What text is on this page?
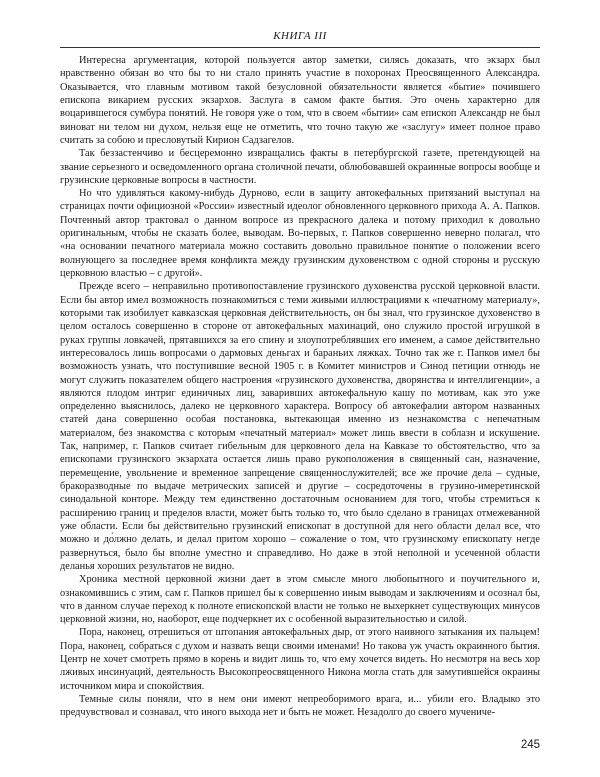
КНИГА III

Интересна аргументация, которой пользуется автор заметки, силясь доказать, что экзарх был нравственно обязан во что бы то ни стало принять участие в похоронах Преосвященного Александра. Оказывается, что главным мотивом такой безусловной обязательности является «бытие» почившего епископа викарием русских экзархов. Заслуга в самом факте бытия. Это очень характерно для воцарившегося сумбура понятий. Не говоря уже о том, что в своем «бытии» сам епископ Александр не был виноват ни телом ни духом, нельзя еще не отметить, что точно такую же «заслугу» имеет полное право считать за собою и пресловутый Кирион Садзагелов.

Так беззастенчиво и бесцеремонно извращались факты в петербургской газете, претендующей на звание серьезного и осведомленного органа столичной печати, облюбовавшей окраинные вопросы вообще и грузинские церковные вопросы в частности.

Но что удивляться какому-нибудь Дурново, если в защиту автокефальных притязаний выступал на страницах почти официозной «России» известный идеолог обновленного церковного прихода А. А. Папков. Почтенный автор трактовал о данном вопросе из прекрасного далека и потому приходил к довольно оригинальным, чтобы не сказать более, выводам. Во-первых, г. Папков совершенно неверно полагал, что «на основании печатного материала можно составить довольно правильное понятие о положении всего волнующего за последнее время конфликта между грузинским духовенством с одной стороны и русскую церковною властью – с другой».

Прежде всего – неправильно противопоставление грузинского духовенства русской церковной власти. Если бы автор имел возможность познакомиться с теми живыми иллюстрациями к «печатному материалу», которыми так изобилует кавказская церковная действительность, он бы знал, что грузинское духовенство в целом осталось совершенно в стороне от автокефальных махинаций, оно служило простой игрушкой в руках группы ловкачей, прятавшихся за его спину и злоупотреблявших его именем, а самое действительно интересовалось лишь вопросами о дармовых деньгах и бараньих ляжках. Точно так же г. Папков имел бы возможность узнать, что поступившие весной 1905 г. в Комитет министров и Синод петиции отнюдь не могут служить показателем общего настроения «грузинского духовенства, дворянства и интеллигенции», а являются плодом интриг единичных лиц, заваривших автокефальную кашу по мотивам, как это уже определенно выяснилось, далеко не церковного характера. Вопросу об автокефалии автором названных статей дана совершенно особая постановка, вытекающая именно из незнакомства с непечатным материалом, без знакомства с которым «печатный материал» может лишь ввести в соблазн и искушение. Так, например, г. Папков считает гибельным для церковного дела на Кавказе то обстоятельство, что за епископами грузинского экзархата остается лишь право рукоположения в священный сан, назначение, перемещение, увольнение и временное запрещение священнослужителей; все же прочие дела – судные, бракоразводные по выдаче метрических записей и другие – сосредоточены в грузино-имеретинской синодальной конторе. Между тем единственно достаточным основанием для того, чтобы стремиться к расширению границ и пределов власти, может быть только то, что было сделано в границах отмежеванной уже области. Если бы действительно грузинский епископат в доступной для него области делал все, что можно и до́лжно делать, и делал притом хорошо – сожаление о том, что грузинскому епископату негде развернуться, было бы вполне уместно и справедливо. Но даже в этой неполной и усеченной области деланья хороших результатов не видно.

Хроника местной церковной жизни дает в этом смысле много любопытного и поучительного и, ознакомившись с этим, сам г. Папков пришел бы к совершенно иным выводам и заключениям и осознал бы, что в данном случае переход к полноте епископской власти не только не выхеркнет существующих минусов церковной жизни, но, наоборот, еще подчеркнет их с особенной выразительностью и силой.

Пора, наконец, отрешиться от штопания автокефальных дыр, от этого наивного затыкания их пальцем! Пора, наконец, собраться с духом и назвать вещи своими именами! Но такова уж участь окраинного бытия. Центр не хочет смотреть прямо в корень и видит лишь то, что ему хочется видеть. Но несмотря на весь хор лживых инсинуаций, деятельность Высокопреосвященного Никона могла стать для замутившейся окраины источником мира и спокойствия.

Темные силы поняли, что в нем они имеют непреоборимого врага, и... убили его. Владыко это предчувствовал и сознавал, что иного выхода нет и быть не может. Незадолго до своего мучениче-

245
